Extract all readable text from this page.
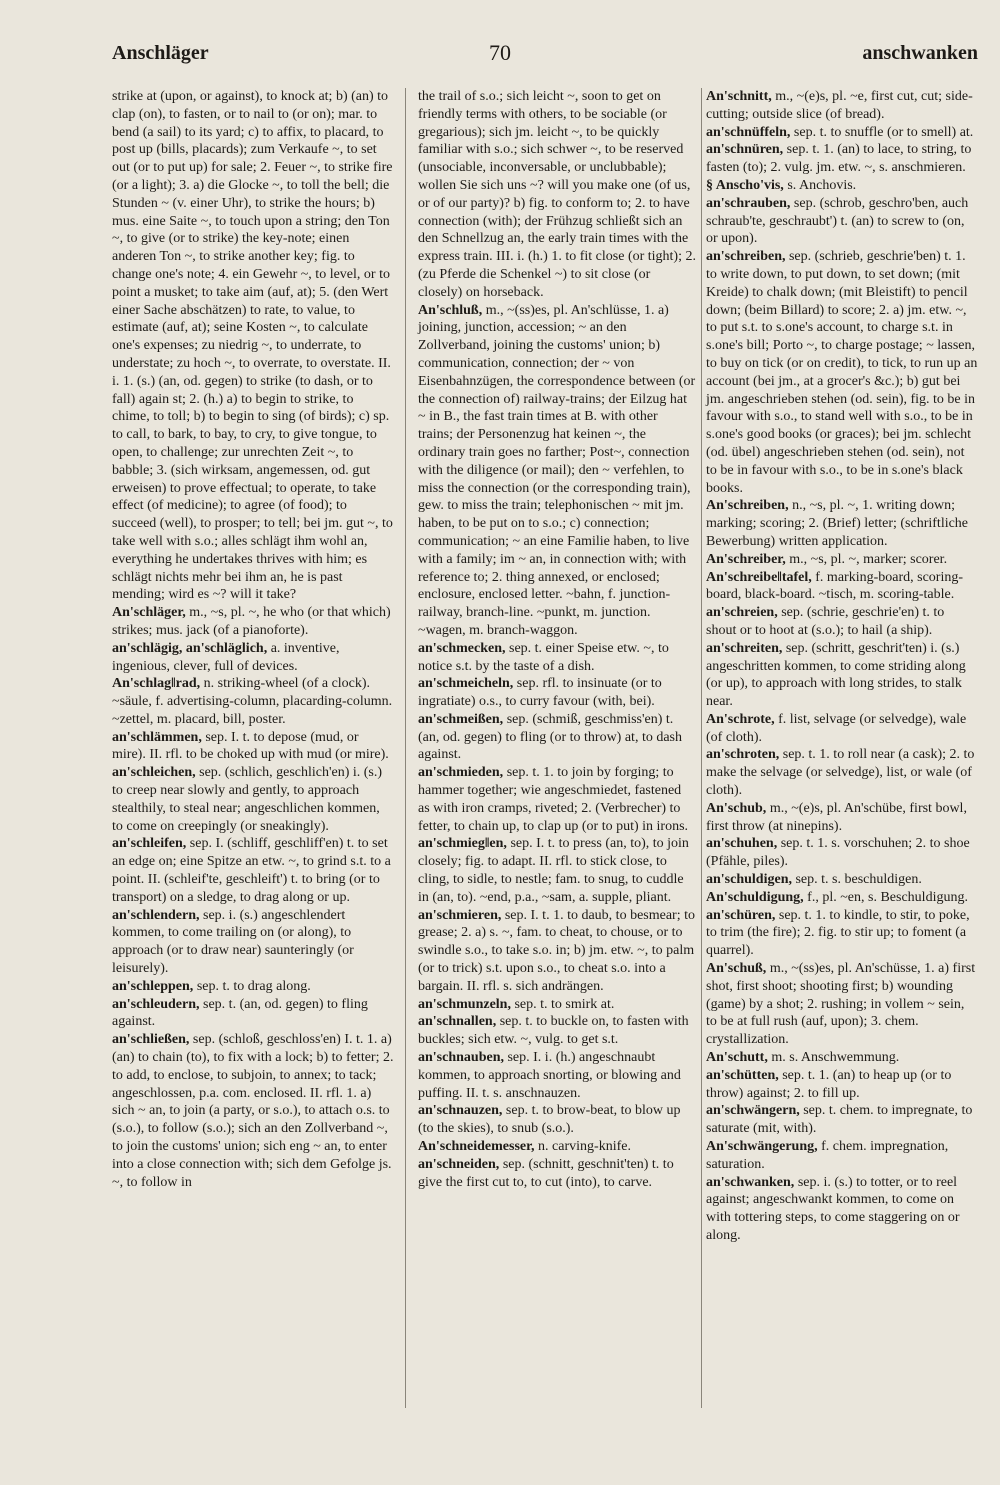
Anschläger	70	anschwanken

strike at (upon, or against), to knock at; b) (an) to clap (on), to fasten, or to nail to (or on); mar. to bend (a sail) to its yard; c) to affix, to placard, to post up (bills, placards); zum Verkaufe ~, to set out (or to put up) for sale; 2. Feuer ~, to strike fire (or a light); 3. a) die Glocke ~, to toll the bell; die Stunden ~ (v. einer Uhr), to strike the hours; b) mus. eine Saite ~, to touch upon a string; den Ton ~, to give (or to strike) the key-note; einen anderen Ton ~, to strike another key; fig. to change one's note; 4. ein Gewehr ~, to level, or to point a musket; to take aim (auf, at); 5. (den Wert einer Sache abschätzen) to rate, to value, to estimate (auf, at); seine Kosten ~, to calculate one's expenses; zu niedrig ~, to underrate, to understate; zu hoch ~, to overrate, to overstate. II. i. 1. (s.) (an, od. gegen) to strike (to dash, or to fall) again st; 2. (h.) a) to begin to strike, to chime, to toll; b) to begin to sing (of birds); c) sp. to call, to bark, to bay, to cry, to give tongue, to open, to challenge; zur unrechten Zeit ~, to babble; 3. (sich wirksam, angemessen, od. gut erweisen) to prove effectual; to operate, to take effect (of medicine); to agree (of food); to succeed (well), to prosper; to tell; bei jm. gut ~, to take well with s.o.; alles schlägt ihm wohl an, everything he undertakes thrives with him; es schlägt nichts mehr bei ihm an, he is past mending; wird es ~? will it take?

An'schläger, m., ~s, pl. ~, he who (or that which) strikes; mus. jack (of a pianoforte).

an'schlägig, an'schläglich, a. inventive, ingenious, clever, full of devices.

An'schlag‖rad, n. striking-wheel (of a clock). ~säule, f. advertising-column, placarding-column. ~zettel, m. placard, bill, poster.

an'schlämmen, sep. I. t. to depose (mud, or mire). II. rfl. to be choked up with mud (or mire).

an'schleichen, sep. (schlich, geschlich'en) i. (s.) to creep near slowly and gently, to approach stealthily, to steal near; angeschlichen kommen, to come on creepingly (or sneakingly).

an'schleifen, sep. I. (schliff, geschliff'en) t. to set an edge on; eine Spitze an etw. ~, to grind s.t. to a point. II. (schleif'te, geschleift') t. to bring (or to transport) on a sledge, to drag along or up.

an'schlendern, sep. i. (s.) angeschlendert kommen, to come trailing on (or along), to approach (or to draw near) saunteringly (or leisurely).

an'schleppen, sep. t. to drag along.

an'schleudern, sep. t. (an, od. gegen) to fling against.

an'schließen, sep. (schloß, geschloss'en) I. t. 1. a) (an) to chain (to), to fix with a lock; b) to fetter; 2. to add, to enclose, to subjoin, to annex; to tack; angeschlossen, p.a. com. enclosed. II. rfl. 1. a) sich ~ an, to join (a party, or s.o.), to attach o.s. to (s.o.), to follow (s.o.); sich an den Zollverband ~, to join the customs' union; sich eng ~ an, to enter into a close connection with; sich dem Gefolge js. ~, to follow in

the trail of s.o.; sich leicht ~, soon to get on friendly terms with others, to be sociable (or gregarious); sich jm. leicht ~, to be quickly familiar with s.o.; sich schwer ~, to be reserved (unsociable, inconversable, or unclubbable); wollen Sie sich uns ~? will you make one (of us, or of our party)? b) fig. to conform to; 2. to have connection (with); der Frühzug schließt sich an den Schnellzug an, the early train times with the express train. III. i. (h.) 1. to fit close (or tight); 2. (zu Pferde die Schenkel ~) to sit close (or closely) on horseback.

An'schluß, m., ~(ss)es, pl. An'schlüsse, 1. a) joining, junction, accession; ~ an den Zollverband, joining the customs' union; b) communication, connection; der ~ von Eisenbahnzügen, the correspondence between (or the connection of) railway-trains; der Eilzug hat ~ in B., the fast train times at B. with other trains; der Personenzug hat keinen ~, the ordinary train goes no farther; Post~, connection with the diligence (or mail); den ~ verfehlen, to miss the connection (or the corresponding train), gew. to miss the train; telephonischen ~ mit jm. haben, to be put on to s.o.; c) connection; communication; ~ an eine Familie haben, to live with a family; im ~ an, in connection with; with reference to; 2. thing annexed, or enclosed; enclosure, enclosed letter. ~bahn, f. junction-railway, branch-line. ~punkt, m. junction. ~wagen, m. branch-waggon.

an'schmecken, sep. t. einer Speise etw. ~, to notice s.t. by the taste of a dish.

an'schmeicheln, sep. rfl. to insinuate (or to ingratiate) o.s., to curry favour (with, bei).

an'schmeißen, sep. (schmiß, geschmiss'en) t. (an, od. gegen) to fling (or to throw) at, to dash against.

an'schmieden, sep. t. 1. to join by forging; to hammer together; wie angeschmiedet, fastened as with iron cramps, riveted; 2. (Verbrecher) to fetter, to chain up, to clap up (or to put) in irons.

an'schmieg‖en, sep. I. t. to press (an, to), to join closely; fig. to adapt. II. rfl. to stick close, to cling, to sidle, to nestle; fam. to snug, to cuddle in (an, to). ~end, p.a., ~sam, a. supple, pliant.

an'schmieren, sep. I. t. 1. to daub, to besmear; to grease; 2. a) s. ~, fam. to cheat, to chouse, or to swindle s.o., to take s.o. in; b) jm. etw. ~, to palm (or to trick) s.t. upon s.o., to cheat s.o. into a bargain. II. rfl. s. sich andrängen.

an'schmunzeln, sep. t. to smirk at.

an'schnallen, sep. t. to buckle on, to fasten with buckles; sich etw. ~, vulg. to get s.t.

an'schnauben, sep. I. i. (h.) angeschnaubt kommen, to approach snorting, or blowing and puffing. II. t. s. anschnauzen.

an'schnauzen, sep. t. to brow-beat, to blow up (to the skies), to snub (s.o.).

An'schneidemesser, n. carving-knife.

an'schneiden, sep. (schnitt, geschnit'ten) t. to give the first cut to, to cut (into), to carve.

An'schnitt, m., ~(e)s, pl. ~e, first cut, cut; side-cutting; outside slice (of bread).

an'schnüffeln, sep. t. to snuffle (or to smell) at.

an'schnüren, sep. t. 1. (an) to lace, to string, to fasten (to); 2. vulg. jm. etw. ~, s. anschmieren.

§ Anscho'vis, s. Anchovis.

an'schrauben, sep. (schrob, geschro'ben, auch schraub'te, geschraubt') t. (an) to screw to (on, or upon).

an'schreiben, sep. (schrieb, geschrie'ben) t. 1. to write down, to put down, to set down; (mit Kreide) to chalk down; (mit Bleistift) to pencil down; (beim Billard) to score; 2. a) jm. etw. ~, to put s.t. to s.one's account, to charge s.t. in s.one's bill; Porto ~, to charge postage; ~ lassen, to buy on tick (or on credit), to tick, to run up an account (bei jm., at a grocer's &c.); b) gut bei jm. angeschrieben stehen (od. sein), fig. to be in favour with s.o., to stand well with s.o., to be in s.one's good books (or graces); bei jm. schlecht (od. übel) angeschrieben stehen (od. sein), not to be in favour with s.o., to be in s.one's black books.

An'schreiben, n., ~s, pl. ~, 1. writing down; marking; scoring; 2. (Brief) letter; (schriftliche Bewerbung) written application.

An'schreiber, m., ~s, pl. ~, marker; scorer.

An'schreibe‖tafel, f. marking-board, scoring-board, black-board. ~tisch, m. scoring-table.

an'schreien, sep. (schrie, geschrie'en) t. to shout or to hoot at (s.o.); to hail (a ship).

an'schreiten, sep. (schritt, geschrit'ten) i. (s.) angeschritten kommen, to come striding along (or up), to approach with long strides, to stalk near.

An'schrote, f. list, selvage (or selvedge), wale (of cloth).

an'schroten, sep. t. 1. to roll near (a cask); 2. to make the selvage (or selvedge), list, or wale (of cloth).

An'schub, m., ~(e)s, pl. An'schübe, first bowl, first throw (at ninepins).

an'schuhen, sep. t. 1. s. vorschuhen; 2. to shoe (Pfähle, piles).

an'schuldigen, sep. t. s. beschuldigen.

An'schuldigung, f., pl. ~en, s. Beschuldigung.

an'schüren, sep. t. 1. to kindle, to stir, to poke, to trim (the fire); 2. fig. to stir up; to foment (a quarrel).

An'schuß, m., ~(ss)es, pl. An'schüsse, 1. a) first shot, first shoot; shooting first; b) wounding (game) by a shot; 2. rushing; in vollem ~ sein, to be at full rush (auf, upon); 3. chem. crystallization.

An'schutt, m. s. Anschwemmung.

an'schütten, sep. t. 1. (an) to heap up (or to throw) against; 2. to fill up.

an'schwängern, sep. t. chem. to impregnate, to saturate (mit, with).

An'schwängerung, f. chem. impregnation, saturation.

an'schwanken, sep. i. (s.) to totter, or to reel against; angeschwankt kommen, to come on with tottering steps, to come staggering on or along.
